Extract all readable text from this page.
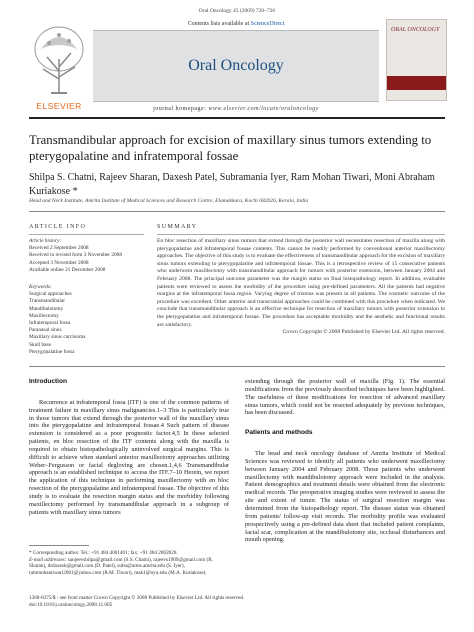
Oral Oncology 45 (2009) 720–726
ELSEVIER
Contents lists available at ScienceDirect
Oral Oncology
journal homepage: www.elsevier.com/locate/oraloncology
ORAL ONCOLOGY
Transmandibular approach for excision of maxillary sinus tumors extending to pterygopalatine and infratemporal fossae
Shilpa S. Chatni, Rajeev Sharan, Daxesh Patel, Subramania Iyer, Ram Mohan Tiwari, Moni Abraham Kuriakose *
Head and Neck Institute, Amrita Institute of Medical Sciences and Research Centre, Elamakkara, Kochi 682026, Kerala, India
ARTICLE INFO	SUMMARY
Article history:
Received 2 September 2008
Received in revised form 3 November 2008
Accepted 3 November 2008
Available online 21 December 2008
Keywords:
Surgical approaches
Transmandibular
Mandibulotomy
Maxillectomy
Infratemporal fossa
Paranasal sinus
Maxillary sinus carcinoma
Skull base
Pterygopalatine fossa
En bloc resection of maxillary sinus tumors that extend through the posterior wall necessitates resection of maxilla along with pterygopalatine and infratemporal fossae contents. This cannot be readily performed by conventional anterior maxillectomy approaches. The objective of this study is to evaluate the effectiveness of transmandibular approach for the excision of maxillary sinus tumors extending to pterygopalatine and infratemporal fossae. This is a retrospective review of 15 consecutive patients who underwent maxillectomy with transmandibular approach for tumors with posterior extension, between January 2004 and February 2008. The principal outcome parameter was the margin status on final histopathology report. In addition, evaluable patients were reviewed to assess the morbidity of the procedure using pre-defined parameters. All the patients had negative margins at the infratemporal fossa region. Varying degree of trismus was present in all patients. The cosmetic outcome of the procedure was excellent. Other anterior and transcranial approaches could be combined with this procedure when indicated. We conclude that transmandibular approach is an effective technique for resection of maxillary tumors with posterior extension to the pterygopalatine and infratemporal fossae. The procedure has acceptable morbidity and the aesthetic and functional results are satisfactory.
Crown Copyright © 2008 Published by Elsevier Ltd. All rights reserved.
Introduction

Recurrence at infratemporal fossa (ITF) is one of the common patterns of treatment failure in maxillary sinus malignancies.1–3 This is particularly true in those tumors that extend through the posterior wall of the maxillary sinus into the pterygopalatine and infratemporal fossae.4 Such pattern of disease extension is considered as a poor prognostic factor.4,5 In these selected patients, en bloc resection of the ITF contents along with the maxilla is required to obtain histopathologically uninvolved surgical margins. This is difficult to achieve when standard anterior maxillectomy approaches utilizing Weber–Fergusson or facial degloving are chosen.1,4,6 Transmandibular approach is an established technique to access the ITF.7–10 Herein, we report the application of this technique in performing maxillectomy with en bloc resection of the pterygopalatine and infratemporal fossae. The objective of this study is to evaluate the resection margin status and the morbidity following maxillectomy performed by transmandibular approach in a subgroup of patients with maxillary sinus tumors

extending through the posterior wall of maxilla (Fig. 1). The essential modifications from the previously described techniques have been highlighted. The usefulness of these modifications for resection of advanced maxillary sinus tumors, which could not be resected adequately by previous techniques, has been discussed.

Patients and methods

The head and neck oncology database of Amrita Institute of Medical Sciences was reviewed to identify all patients who underwent maxillectomy between January 2004 and February 2008. Those patients who underwent maxillectomy with mandibulotomy approach were included in the analysis. Patient demographics and treatment details were obtained from the electronic medical records. The preoperative imaging studies were reviewed to assess the site and extent of tumor. The status of surgical resection margin was determined from the histopathology report. The disease status was obtained from patients' follow-up visit records. The morbidity profile was evaluated prospectively using a pre-defined data sheet that included patient complaints, facial scar, complication at the mandibulotomy site, occlusal disturbances and mouth opening.

* Corresponding author. Tel.: +91 484 4001401; fax: +91 484 2802028.
E-mail addresses: sanjeevshilpa@gmail.com (S.S. Chatni), rajeevs1909@gmail.com (R. Sharan), drdaxesh@gmail.com (D. Patel), subu@aims.amrita.edu (S. Iyer), rammohantiwari2001@yahoo.com (R.M. Tiwari), mak1@nyu.edu (M.A. Kuriakose).
1368-8375/$ - see front matter Crown Copyright © 2008 Published by Elsevier Ltd. All rights reserved.
doi:10.1016/j.oraloncology.2008.11.005
